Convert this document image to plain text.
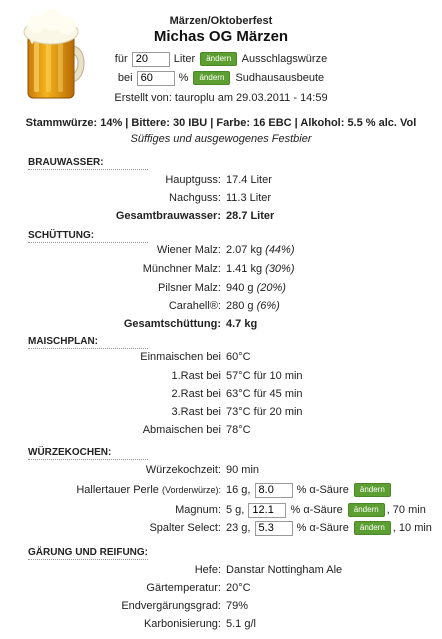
Märzen/Oktoberfest
Michas OG Märzen
für 20	Liter ändern Ausschlagswürze
bei 60	% ändern Sudhausausbeute
Erstellt von: tauroplu am 29.03.2011 - 14:59
Stammwürze: 14% | Bittere: 30 IBU | Farbe: 16 EBC | Alkohol: 5.5 % alc. Vol
Süffiges und ausgewogenes Festbier
BRAUWASSER:
Hauptguss: 17.4 Liter
Nachguss: 11.3 Liter
Gesamtbrauwasser: 28.7 Liter
SCHÜTTUNG:
Wiener Malz: 2.07 kg (44%)
Münchner Malz: 1.41 kg (30%)
Pilsner Malz: 940 g (20%)
Carahell®: 280 g (6%)
Gesamtschüttung: 4.7 kg
MAISCHPLAN:
Einmaischen bei 60°C
1.Rast bei 57°C für 10 min
2.Rast bei 63°C für 45 min
3.Rast bei 73°C für 20 min
Abmaischen bei 78°C
WÜRZEKOCHEN:
Würzekochzeit: 90 min
Hallertauer Perle (Vorderwürze): 16 g, 8.0	% α-Säure ändern
Magnum: 5 g, 12.1	% α-Säure ändern , 70 min
Spalter Select: 23 g, 5.3	% α-Säure ändern , 10 min
GÄRUNG UND REIFUNG:
Hefe: Danstar Nottingham Ale
Gärtemperatur: 20°C
Endvergärungsgrad: 79%
Karbonisierung: 5.1 g/l
